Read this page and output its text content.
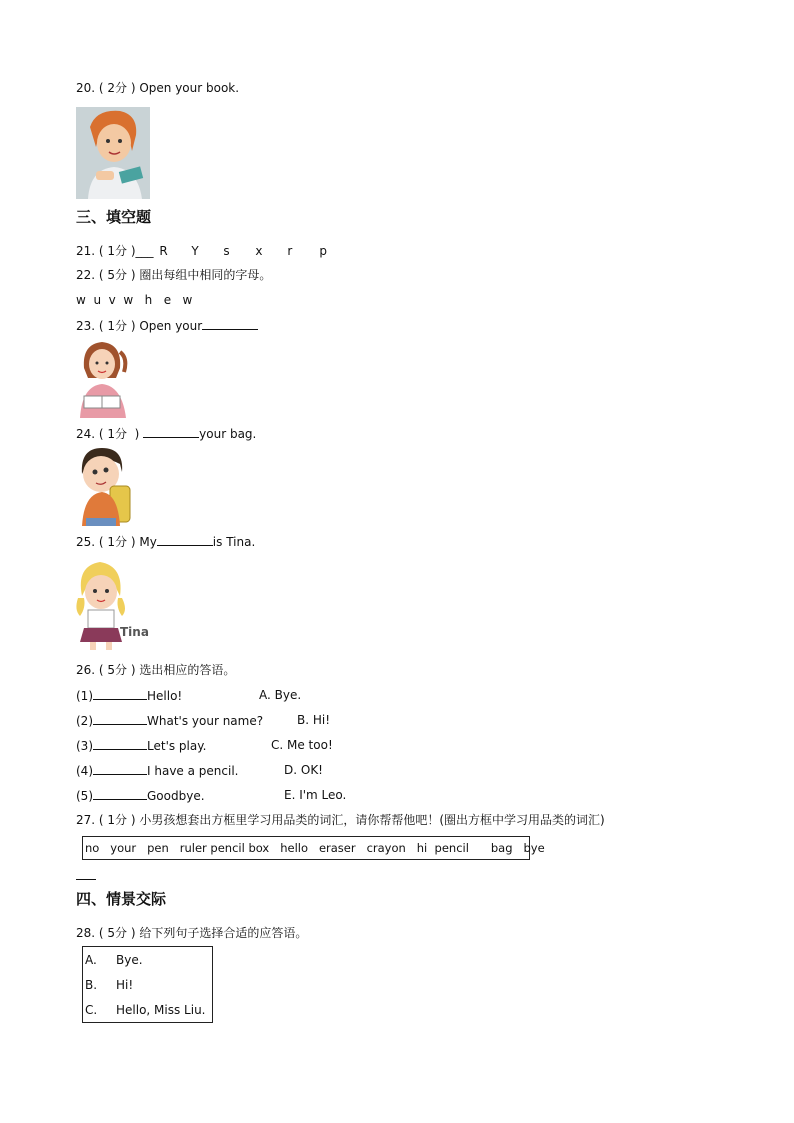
20. ( 2分 ) Open your book.
三、填空题
21. ( 1分 )___ R Y s x r p
22. ( 5分 ) 圈出每组中相同的字母。
w  u  v  w   h   e   w
23. ( 1分 ) Open your
24. ( 1分  )	your bag.
25. ( 1分 ) My	is Tina.
Tina
26. ( 5分 ) 选出相应的答语。
(1)	Hello!	A. Bye.
(2)	What's your name?	B. Hi!
(3)	Let's play.	C. Me too!
(4)	I have a pencil.	D. OK!
(5)	Goodbye.	E. I'm Leo.
27. ( 1分 ) 小男孩想套出方框里学习用品类的词汇，请你帮帮他吧！(圈出方框中学习用品类的词汇)
no   your   pen   ruler pencil box   hello   eraser   crayon   hi  pencil      bag   bye
四、情景交际
28. ( 5分 ) 给下列句子选择合适的应答语。
A. Bye.
B. Hi!
C. Hello, Miss Liu.
